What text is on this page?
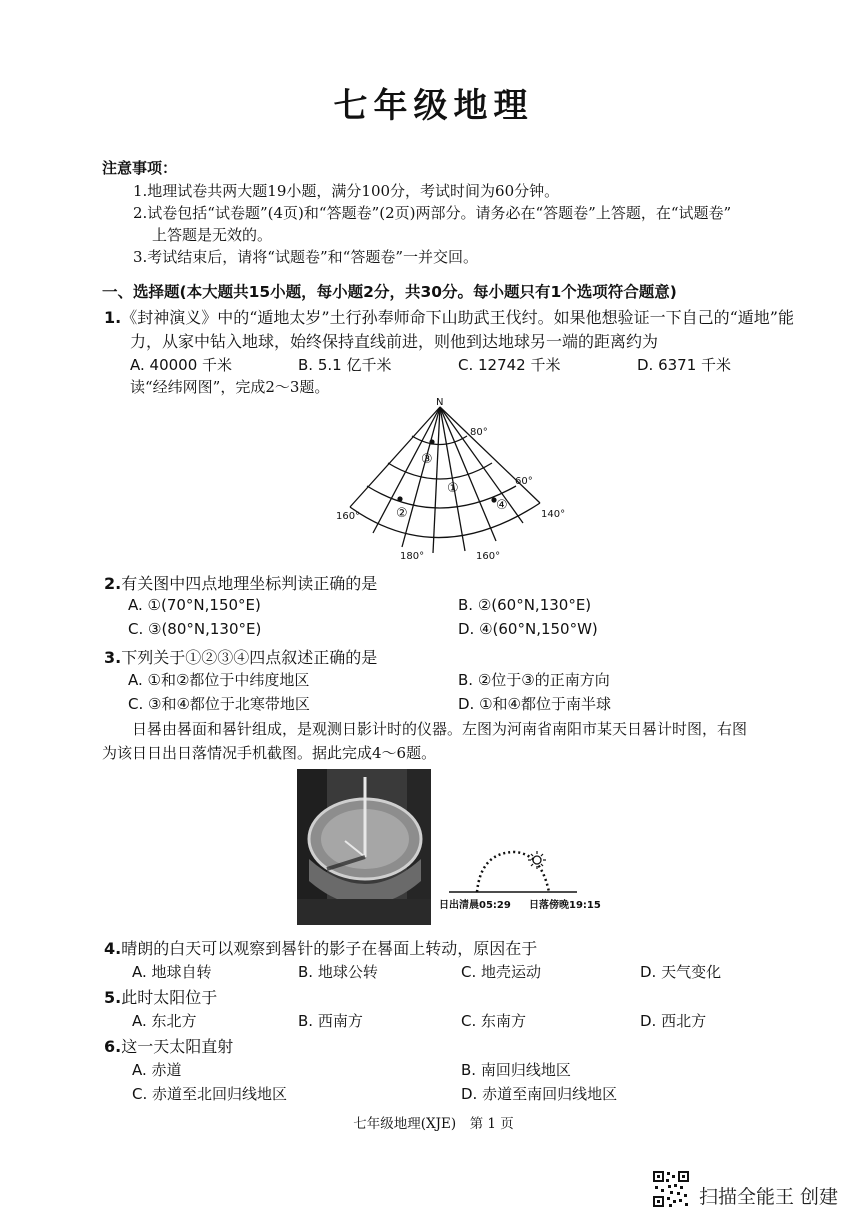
七年级地理
注意事项：
1.地理试卷共两大题19小题，满分100分，考试时间为60分钟。
2.试卷包括“试卷题”(4页)和“答题卷”(2页)两部分。请务必在“答题卷”上答题，在“试题卷”
上答题是无效的。
3.考试结束后，请将“试题卷”和“答题卷”一并交回。
一、选择题(本大题共15小题，每小题2分，共30分。每小题只有1个选项符合题意)
1.《封神演义》中的“遁地太岁”土行孙奉师命下山助武王伐纣。如果他想验证一下自己的“遁地”能
力，从家中钻入地球，始终保持直线前进，则他到达地球另一端的距离约为
A. 40000 千米	B. 5.1 亿千米	C. 12742 千米	D. 6371 千米
读“经纬网图”，完成2～3题。
N
80°
60°
160°	140°
180°	160°
①
②
③
④
2.有关图中四点地理坐标判读正确的是
A. ①(70°N,150°E)	B. ②(60°N,130°E)
C. ③(80°N,130°E)	D. ④(60°N,150°W)
3.下列关于①②③④四点叙述正确的是
A. ①和②都位于中纬度地区	B. ②位于③的正南方向
C. ③和④都位于北寒带地区	D. ①和④都位于南半球
日晷由晷面和晷针组成，是观测日影计时的仪器。左图为河南省南阳市某天日晷计时图，右图
为该日日出日落情况手机截图。据此完成4～6题。
日出清晨05:29 日落傍晚19:15
4.晴朗的白天可以观察到晷针的影子在晷面上转动，原因在于
A. 地球自转	B. 地球公转	C. 地壳运动	D. 天气变化
5.此时太阳位于
A. 东北方	B. 西南方	C. 东南方	D. 西北方
6.这一天太阳直射
A. 赤道	B. 南回归线地区
C. 赤道至北回归线地区	D. 赤道至南回归线地区
七年级地理(XJE)　第 1 页
扫描全能王 创建
